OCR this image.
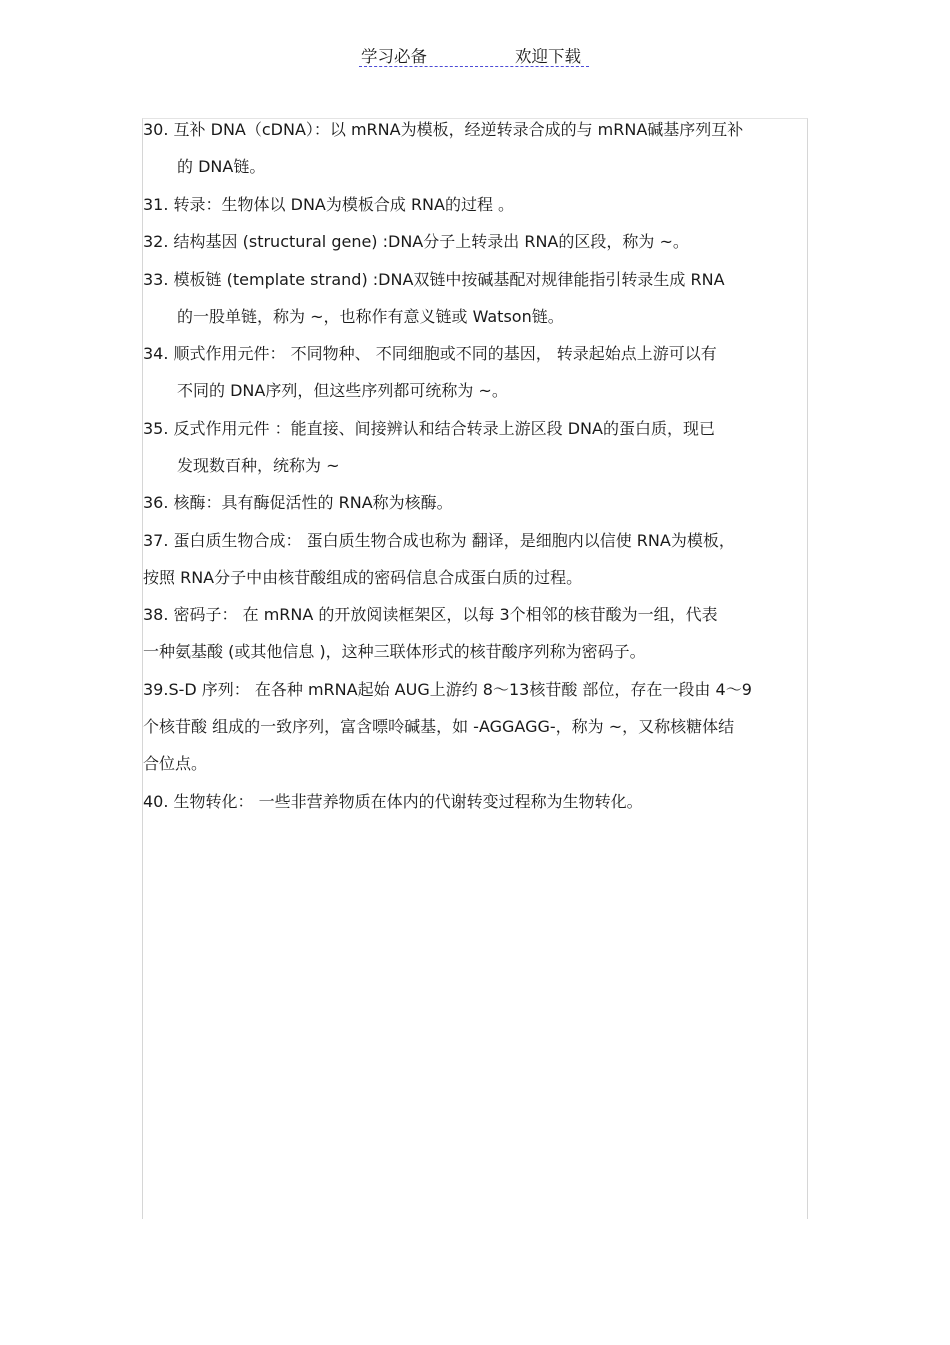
学习必备	欢迎下载
30. 互补 DNA（cDNA）：以 mRNA为模板，经逆转录合成的与 mRNA碱基序列互补
的 DNA链。
31. 转录：生物体以 DNA为模板合成 RNA的过程 。
32. 结构基因 (structural gene) :DNA分子上转录出 RNA的区段，称为 ~。
33. 模板链 (template strand) :DNA双链中按碱基配对规律能指引转录生成 RNA
的一股单链，称为 ~，也称作有意义链或 Watson链。
34. 顺式作用元件： 不同物种、 不同细胞或不同的基因， 转录起始点上游可以有
不同的 DNA序列，但这些序列都可统称为 ~。
35. 反式作用元件 ：能直接、间接辨认和结合转录上游区段 DNA的蛋白质，现已
发现数百种，统称为 ~
36. 核酶：具有酶促活性的 RNA称为核酶。
37. 蛋白质生物合成： 蛋白质生物合成也称为 翻译，是细胞内以信使 RNA为模板，
按照 RNA分子中由核苷酸组成的密码信息合成蛋白质的过程。
38. 密码子： 在 mRNA 的开放阅读框架区，以每 3个相邻的核苷酸为一组，代表
一种氨基酸 (或其他信息 )，这种三联体形式的核苷酸序列称为密码子。
39.S-D 序列： 在各种 mRNA起始 AUG上游约 8～13核苷酸 部位，存在一段由 4～9
个核苷酸 组成的一致序列，富含嘌呤碱基，如 -AGGAGG-，称为 ~，又称核糖体结
合位点。
40. 生物转化： 一些非营养物质在体内的代谢转变过程称为生物转化。
